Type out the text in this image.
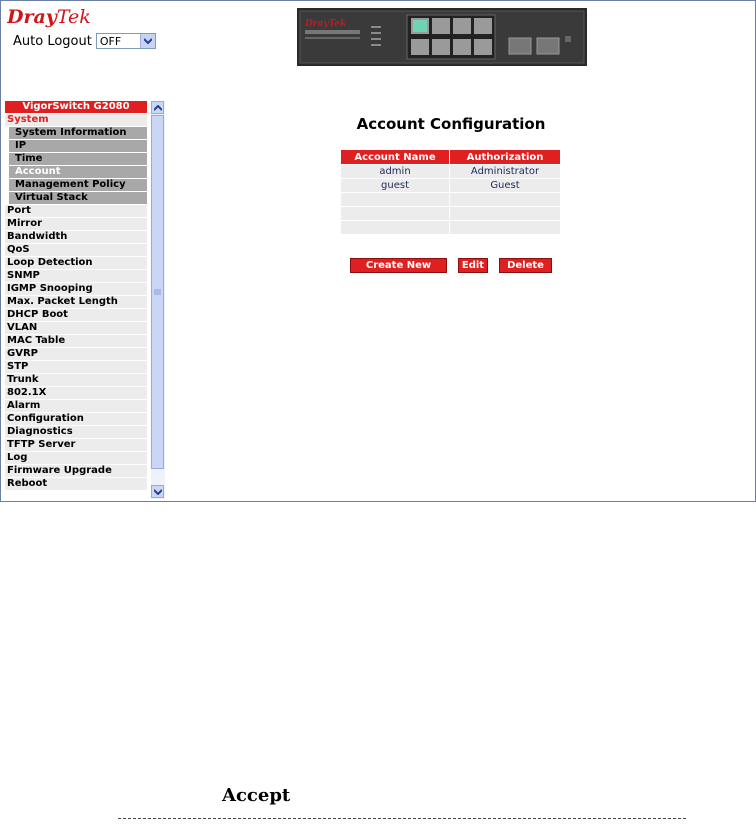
DrayTek
Auto Logout OFF
DrayTek
VigorSwitch G2080
System
System Information
IP
Time
Account
Management Policy
Virtual Stack
Port
Mirror
Bandwidth
QoS
Loop Detection
SNMP
IGMP Snooping
Max. Packet Length
DHCP Boot
VLAN
MAC Table
GVRP
STP
Trunk
802.1X
Alarm
Configuration
Diagnostics
TFTP Server
Log
Firmware Upgrade
Reboot
Account Configuration
Account Name	Authorization
admin	Administrator
guest	Guest

Create New	Edit	Delete
Accept
